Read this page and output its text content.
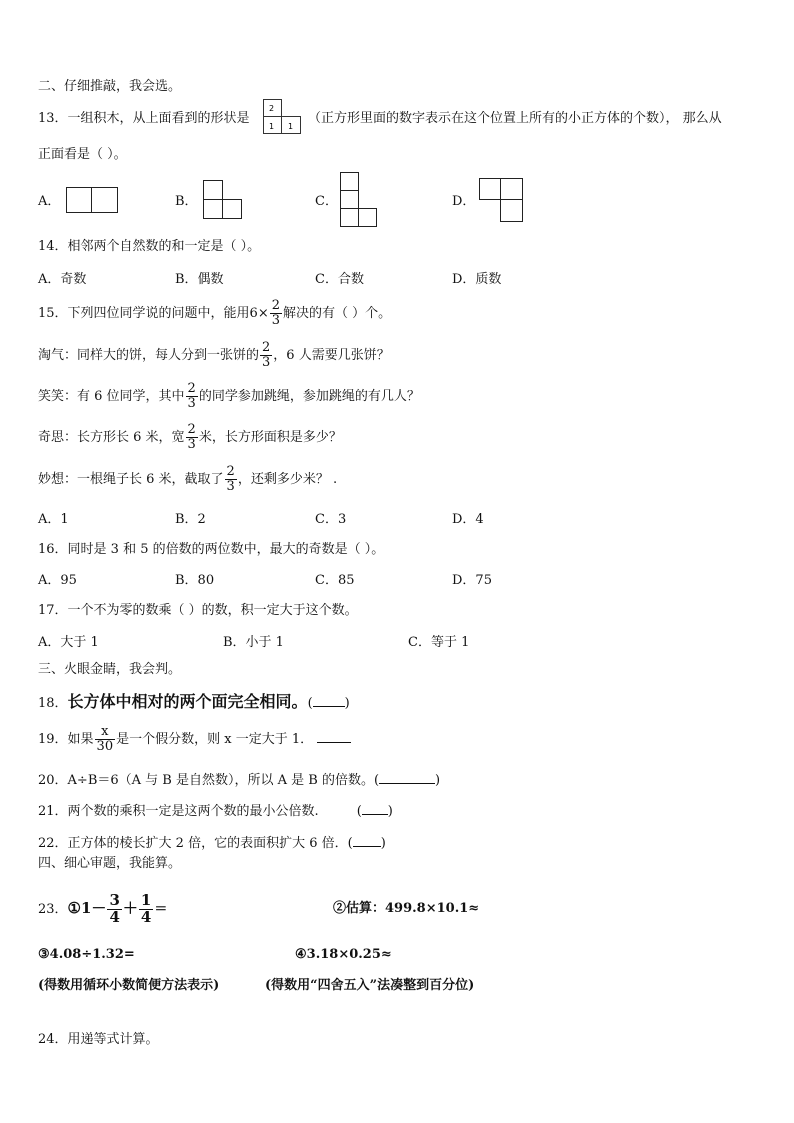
二、仔细推敲，我会选。
13．一组积木，从上面看到的形状是
2
1 1
（正方形里面的数字表示在这个位置上所有的小正方体的个数）， 那么从
正面看是（ ）。
A．	B．	C．	D．
14．相邻两个自然数的和一定是（ ）。
A．奇数	B．偶数	C．合数	D．质数
15．下列四位同学说的问题中，能用$6\times \frac{2}{3}$ 解决的有（ ）个。
淘气：同样大的饼，每人分到一张饼的 $\frac{2}{3}$ ，6 人需要几张饼？
笑笑：有 6 位同学，其中 $\frac{2}{3}$ 的同学参加跳绳，参加跳绳的有几人？
奇思：长方形长 6 米，宽 $\frac{2}{3}$ 米，长方形面积是多少？
妙想：一根绳子长 6 米，截取了 $\frac{2}{3}$ ，还剩多少米？ .
A．1	B．2	C．3	D．4
16．同时是 3 和 5 的倍数的两位数中，最大的奇数是（ ）。
A．95	B．80	C．85	D．75
17．一个不为零的数乘（ ）的数，积一定大于这个数。
A．大于 1	B．小于 1	C．等于 1
三、火眼金睛，我会判。
18．长方体中相对的两个面完全相同。( )
19．如果 $\frac{x}{30}$ 是一个假分数，则 x 一定大于 1．
20．A÷B＝6（A 与 B 是自然数），所以 A 是 B 的倍数。(	)
21．两个数的乘积一定是这两个数的最小公倍数.	( )
22．正方体的棱长扩大 2 倍，它的表面积扩大 6 倍．( )
四、细心审题，我能算。
23．①1－ $\frac{3}{4} + \frac{1}{4}$ ＝	②估算：499.8×10.1≈
③4.08÷1.32=	④3.18×0.25≈
(得数用循环小数简便方法表示)	(得数用“四舍五入”法凑整到百分位)
24．用递等式计算。
